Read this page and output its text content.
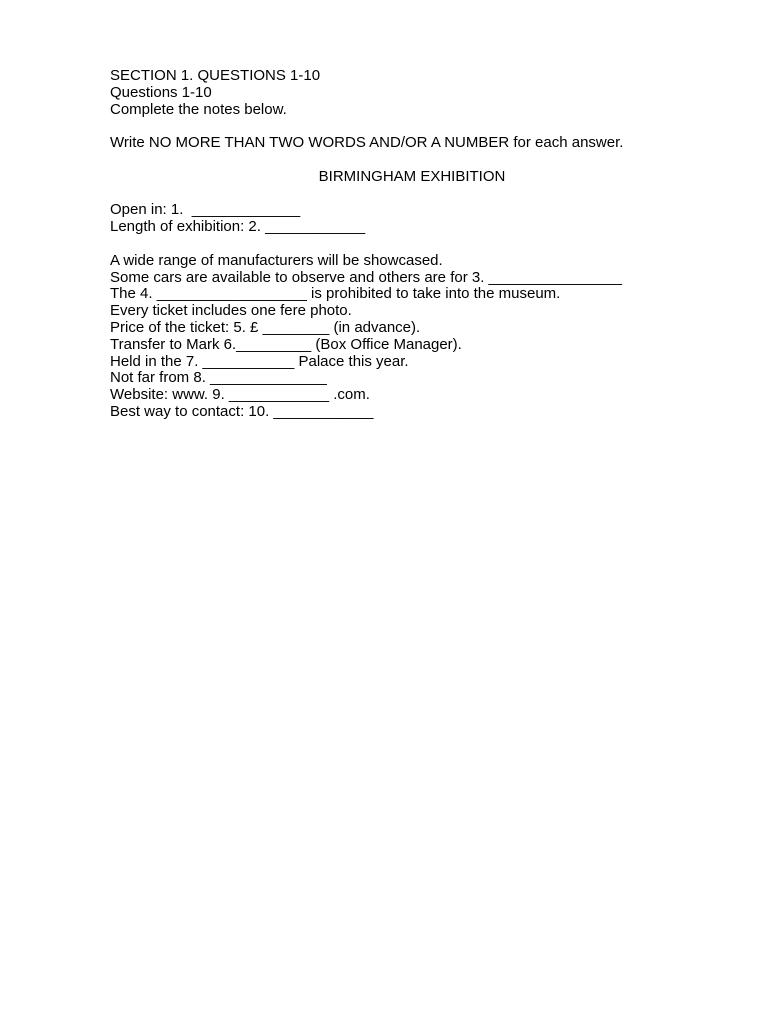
SECTION 1. QUESTIONS 1-10

Questions 1-10

Complete the notes below.

Write NO MORE THAN TWO WORDS AND/OR A NUMBER for each answer.

BIRMINGHAM EXHIBITION

Open in: 1.  _____________

Length of exhibition: 2. ____________

A wide range of manufacturers will be showcased.

Some cars are available to observe and others are for 3. ________________

The 4. __________________ is prohibited to take into the museum.

Every ticket includes one fere photo.

Price of the ticket: 5. £ ________ (in advance).

Transfer to Mark 6._________ (Box Office Manager).

Held in the 7. ___________ Palace this year.

Not far from 8. ______________

Website: www. 9. ____________ .com.

Best way to contact: 10. ____________
